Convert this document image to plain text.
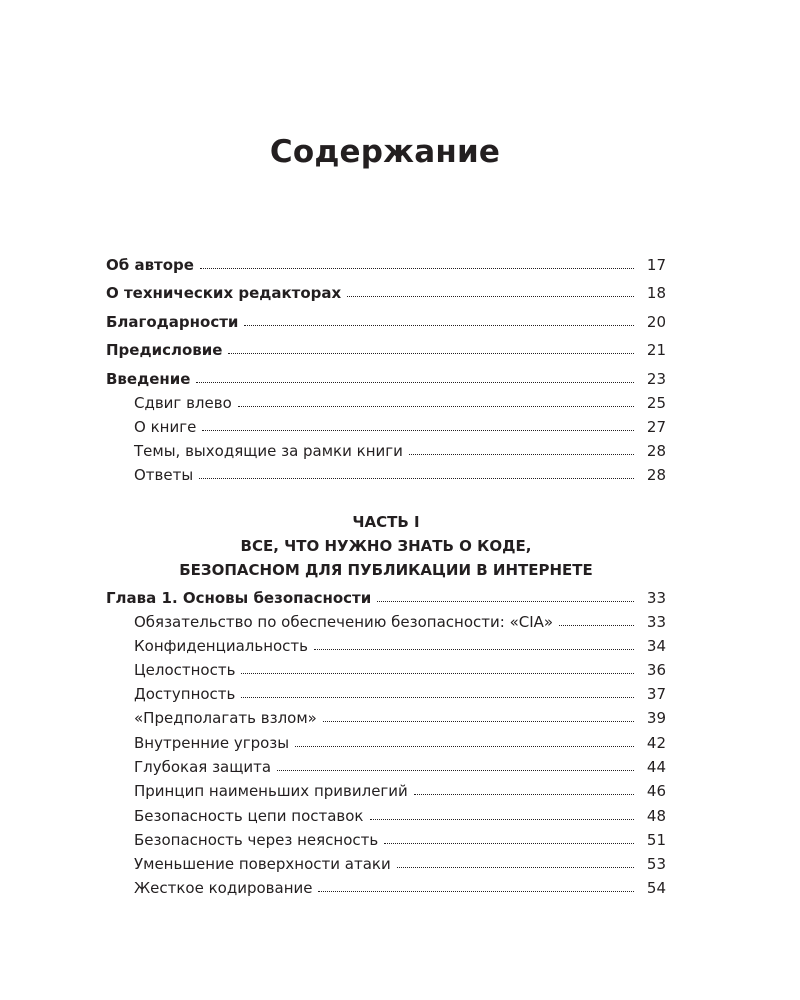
Содержание
Об авторе	17
О технических редакторах	18
Благодарности	20
Предисловие	21
Введение	23
Сдвиг влево	25
О книге	27
Темы, выходящие за рамки книги	28
Ответы	28
ЧАСТЬ I
ВСЕ, ЧТО НУЖНО ЗНАТЬ О КОДЕ,
БЕЗОПАСНОМ ДЛЯ ПУБЛИКАЦИИ В ИНТЕРНЕТЕ
Глава 1. Основы безопасности	33
Обязательство по обеспечению безопасности: «CIA»	33
Конфиденциальность	34
Целостность	36
Доступность	37
«Предполагать взлом»	39
Внутренние угрозы	42
Глубокая защита	44
Принцип наименьших привилегий	46
Безопасность цепи поставок	48
Безопасность через неясность	51
Уменьшение поверхности атаки	53
Жесткое кодирование	54
